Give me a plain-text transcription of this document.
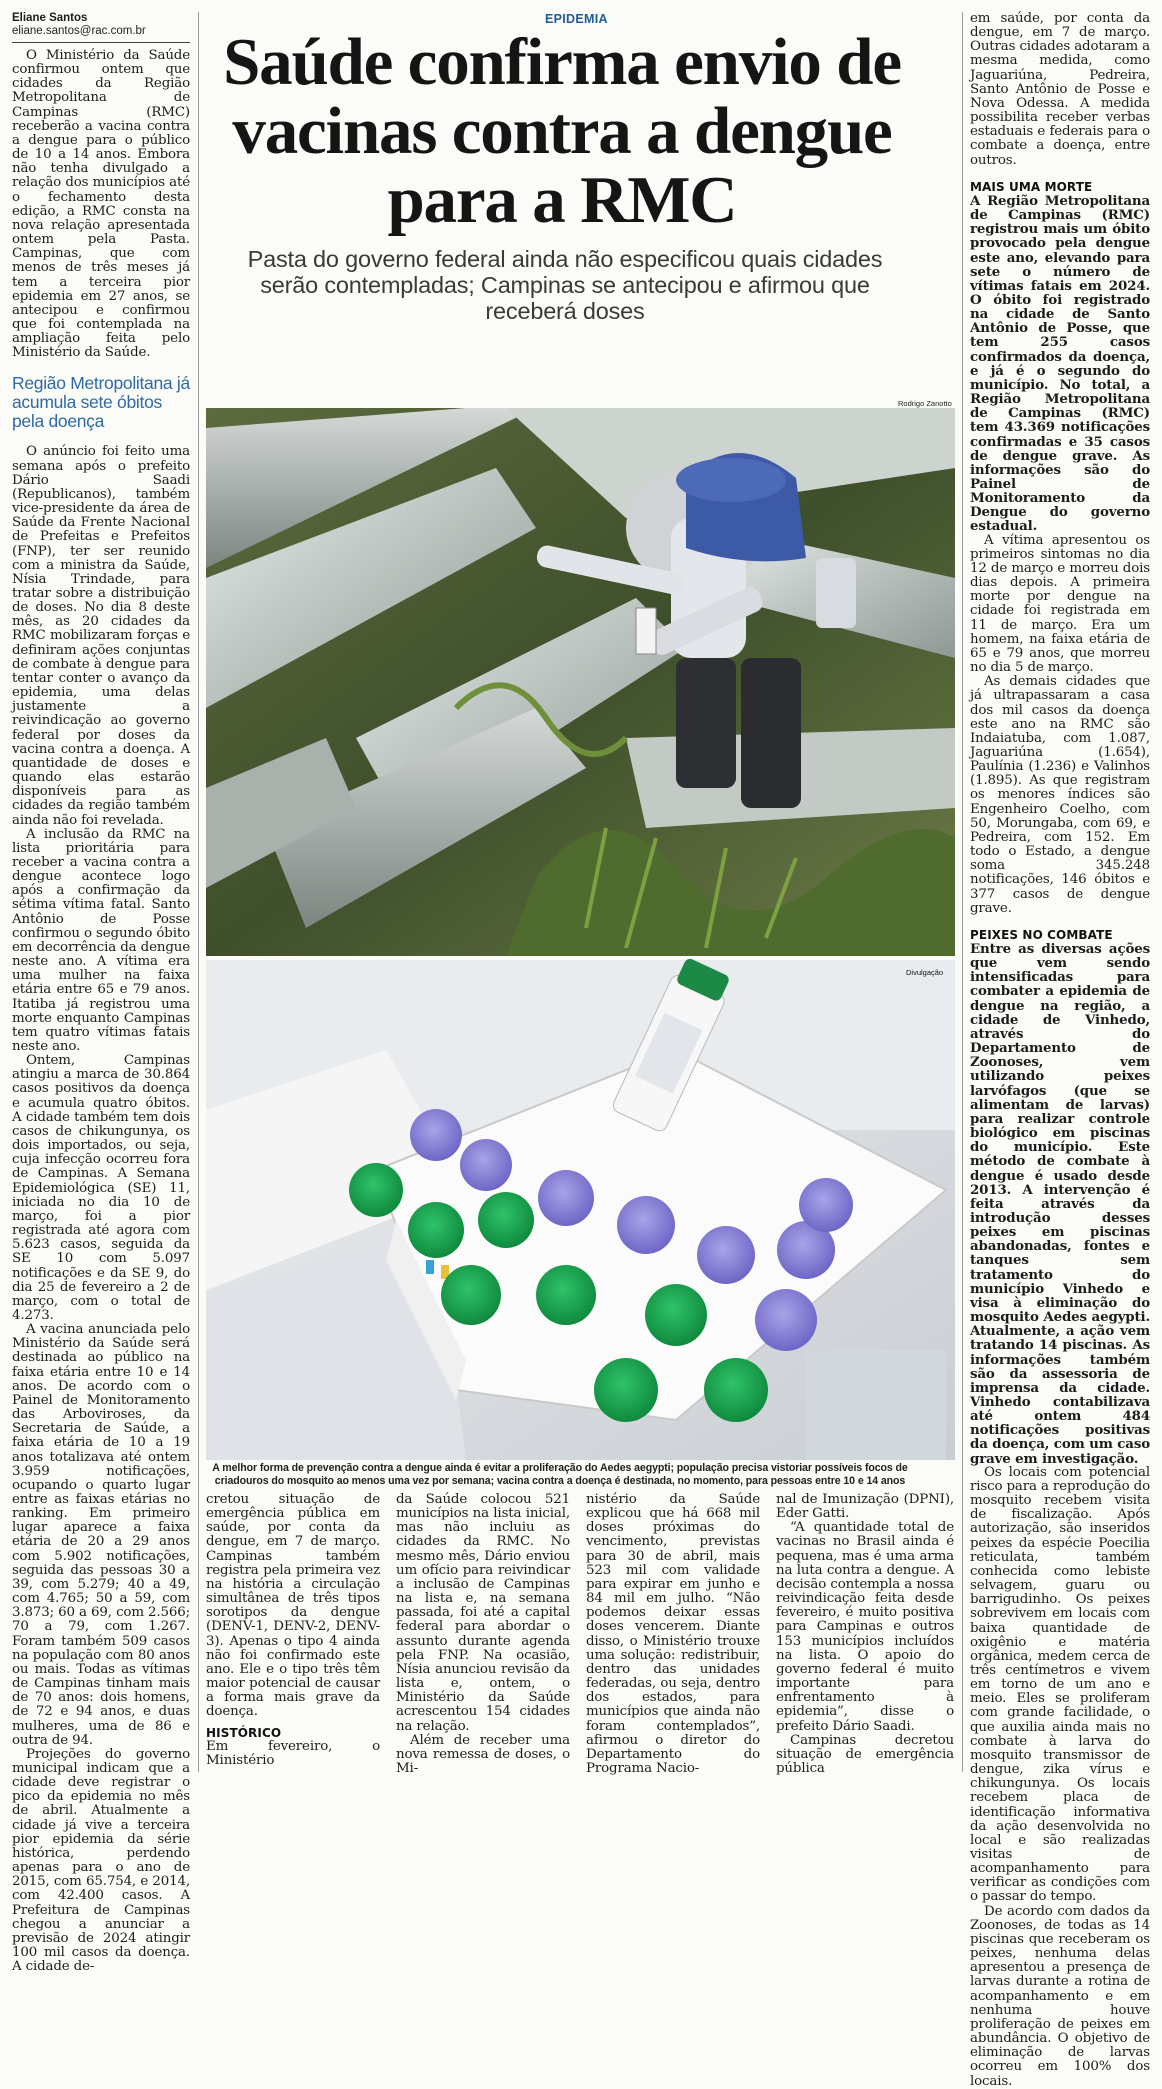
EPIDEMIA
Saúde confirma envio de vacinas contra a dengue para a RMC

Pasta do governo federal ainda não especificou quais cidades serão contempladas; Campinas se antecipou e afirmou que receberá doses

Eliane Santos
eliane.santos@rac.com.br

O Ministério da Saúde confirmou ontem que cidades da Região Metropolitana de Campinas (RMC) receberão a vacina contra a dengue para o público de 10 a 14 anos. Embora não tenha divulgado a relação dos municípios até o fechamento desta edição, a RMC consta na nova relação apresentada ontem pela Pasta. Campinas, que com menos de três meses já tem a terceira pior epidemia em 27 anos, se antecipou e confirmou que foi contemplada na ampliação feita pelo Ministério da Saúde.

Região Metropolitana já acumula sete óbitos pela doença

O anúncio foi feito uma semana após o prefeito Dário Saadi (Republicanos), também vice-presidente da área de Saúde da Frente Nacional de Prefeitas e Prefeitos (FNP), ter ser reunido com a ministra da Saúde, Nísia Trindade, para tratar sobre a distribuição de doses. No dia 8 deste mês, as 20 cidades da RMC mobilizaram forças e definiram ações conjuntas de combate à dengue para tentar conter o avanço da epidemia, uma delas justamente a reivindicação ao governo federal por doses da vacina contra a doença. A quantidade de doses e quando elas estarão disponíveis para as cidades da região também ainda não foi revelada.

A inclusão da RMC na lista prioritária para receber a vacina contra a dengue acontece logo após a confirmação da sétima vítima fatal. Santo Antônio de Posse confirmou o segundo óbito em decorrência da dengue neste ano. A vítima era uma mulher na faixa etária entre 65 e 79 anos. Itatiba já registrou uma morte enquanto Campinas tem quatro vítimas fatais neste ano.

Ontem, Campinas atingiu a marca de 30.864 casos positivos da doença e acumula quatro óbitos. A cidade também tem dois casos de chikungunya, os dois importados, ou seja, cuja infecção ocorreu fora de Campinas. A Semana Epidemiológica (SE) 11, iniciada no dia 10 de março, foi a pior registrada até agora com 5.623 casos, seguida da SE 10 com 5.097 notificações e da SE 9, do dia 25 de fevereiro a 2 de março, com o total de 4.273.

A vacina anunciada pelo Ministério da Saúde será destinada ao público na faixa etária entre 10 e 14 anos. De acordo com o Painel de Monitoramento das Arboviroses, da Secretaria de Saúde, a faixa etária de 10 a 19 anos totalizava até ontem 3.959 notificações, ocupando o quarto lugar entre as faixas etárias no ranking. Em primeiro lugar aparece a faixa etária de 20 a 29 anos com 5.902 notificações, seguida das pessoas 30 a 39, com 5.279; 40 a 49, com 4.765; 50 a 59, com 3.873; 60 a 69, com 2.566; 70 a 79, com 1.267. Foram também 509 casos na população com 80 anos ou mais. Todas as vítimas de Campinas tinham mais de 70 anos: dois homens, de 72 e 94 anos, e duas mulheres, uma de 86 e outra de 94.

Projeções do governo municipal indicam que a cidade deve registrar o pico da epidemia no mês de abril. Atualmente a cidade já vive a terceira pior epidemia da série histórica, perdendo apenas para o ano de 2015, com 65.754, e 2014, com 42.400 casos. A Prefeitura de Campinas chegou a anunciar a previsão de 2024 atingir 100 mil casos da doença. A cidade de-

Rodrigo Zanotto
Divulgação

A melhor forma de prevenção contra a dengue ainda é evitar a proliferação do Aedes aegypti; população precisa vistoriar possíveis focos de criadouros do mosquito ao menos uma vez por semana; vacina contra a doença é destinada, no momento, para pessoas entre 10 e 14 anos

cretou situação de emergência pública em saúde, por conta da dengue, em 7 de março. Campinas também registra pela primeira vez na história a circulação simultânea de três tipos sorotipos da dengue (DENV-1, DENV-2, DENV-3). Apenas o tipo 4 ainda não foi confirmado este ano. Ele e o tipo três têm maior potencial de causar a forma mais grave da doença.

HISTÓRICO

Em fevereiro, o Ministério

da Saúde colocou 521 municípios na lista inicial, mas não incluiu as cidades da RMC. No mesmo mês, Dário enviou um ofício para reivindicar a inclusão de Campinas na lista e, na semana passada, foi até a capital federal para abordar o assunto durante agenda pela FNP. Na ocasião, Nísia anunciou revisão da lista e, ontem, o Ministério da Saúde acrescentou 154 cidades na relação.

Além de receber uma nova remessa de doses, o Mi-

nistério da Saúde explicou que há 668 mil doses próximas do vencimento, previstas para 30 de abril, mais 523 mil com validade para expirar em junho e 84 mil em julho. “Não podemos deixar essas doses vencerem. Diante disso, o Ministério trouxe uma solução: redistribuir, dentro das unidades federadas, ou seja, dentro dos estados, para municípios que ainda não foram contemplados”, afirmou o diretor do Departamento do Programa Nacio-

nal de Imunização (DPNI), Eder Gatti.

“A quantidade total de vacinas no Brasil ainda é pequena, mas é uma arma na luta contra a dengue. A decisão contempla a nossa reivindicação feita desde fevereiro, é muito positiva para Campinas e outros 153 municípios incluídos na lista. O apoio do governo federal é muito importante para enfrentamento à epidemia”, disse o prefeito Dário Saadi.

Campinas decretou situação de emergência pública

em saúde, por conta da dengue, em 7 de março. Outras cidades adotaram a mesma medida, como Jaguariúna, Pedreira, Santo Antônio de Posse e Nova Odessa. A medida possibilita receber verbas estaduais e federais para o combate a doença, entre outros.

MAIS UMA MORTE

A Região Metropolitana de Campinas (RMC) registrou mais um óbito provocado pela dengue este ano, elevando para sete o número de vítimas fatais em 2024. O óbito foi registrado na cidade de Santo Antônio de Posse, que tem 255 casos confirmados da doença, e já é o segundo do município. No total, a Região Metropolitana de Campinas (RMC) tem 43.369 notificações confirmadas e 35 casos de dengue grave. As informações são do Painel de Monitoramento da Dengue do governo estadual.

A vítima apresentou os primeiros sintomas no dia 12 de março e morreu dois dias depois. A primeira morte por dengue na cidade foi registrada em 11 de março. Era um homem, na faixa etária de 65 e 79 anos, que morreu no dia 5 de março.

As demais cidades que já ultrapassaram a casa dos mil casos da doença este ano na RMC são Indaiatuba, com 1.087, Jaguariúna (1.654), Paulínia (1.236) e Valinhos (1.895). As que registram os menores índices são Engenheiro Coelho, com 50, Morungaba, com 69, e Pedreira, com 152. Em todo o Estado, a dengue soma 345.248 notificações, 146 óbitos e 377 casos de dengue grave.

PEIXES NO COMBATE

Entre as diversas ações que vem sendo intensificadas para combater a epidemia de dengue na região, a cidade de Vinhedo, através do Departamento de Zoonoses, vem utilizando peixes larvófagos (que se alimentam de larvas) para realizar controle biológico em piscinas do município. Este método de combate à dengue é usado desde 2013. A intervenção é feita através da introdução desses peixes em piscinas abandonadas, fontes e tanques sem tratamento do município Vinhedo e visa à eliminação do mosquito Aedes aegypti. Atualmente, a ação vem tratando 14 piscinas. As informações também são da assessoria de imprensa da cidade. Vinhedo contabilizava até ontem 484 notificações positivas da doença, com um caso grave em investigação.

Os locais com potencial risco para a reprodução do mosquito recebem visita de fiscalização. Após autorização, são inseridos peixes da espécie Poecilia reticulata, também conhecida como lebiste selvagem, guaru ou barrigudinho. Os peixes sobrevivem em locais com baixa quantidade de oxigênio e matéria orgânica, medem cerca de três centímetros e vivem em torno de um ano e meio. Eles se proliferam com grande facilidade, o que auxilia ainda mais no combate à larva do mosquito transmissor de dengue, zika vírus e chikungunya. Os locais recebem placa de identificação informativa da ação desenvolvida no local e são realizadas visitas de acompanhamento para verificar as condições com o passar do tempo.

De acordo com dados da Zoonoses, de todas as 14 piscinas que receberam os peixes, nenhuma delas apresentou a presença de larvas durante a rotina de acompanhamento e em nenhuma houve proliferação de peixes em abundância. O objetivo de eliminação de larvas ocorreu em 100% dos locais.
